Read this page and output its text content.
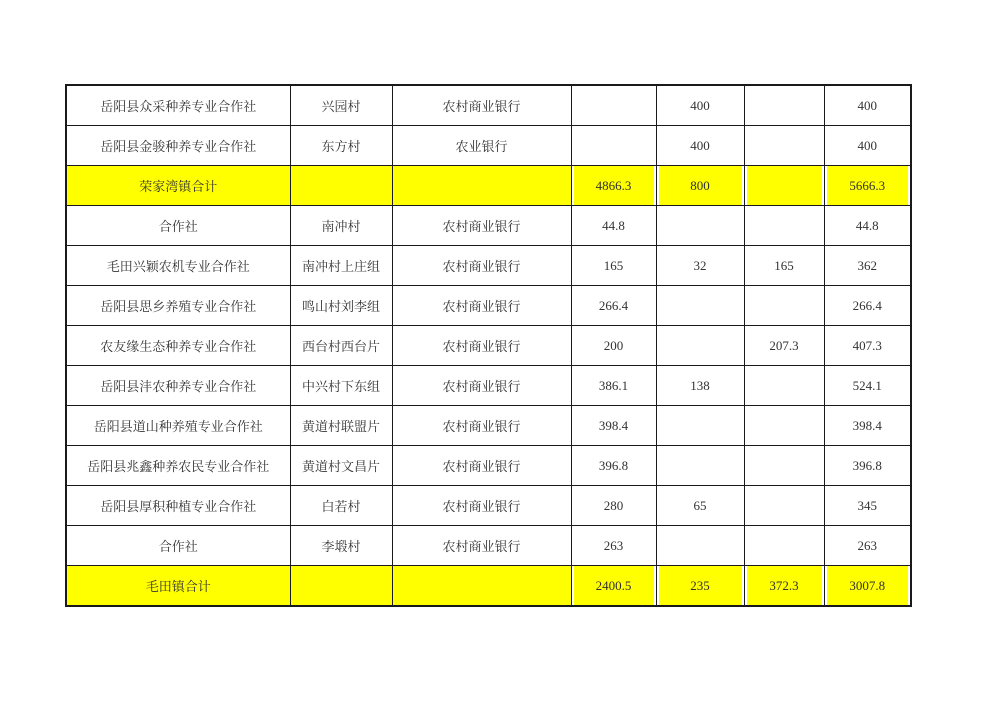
岳阳县众采种养专业合作社	兴园村	农村商业银行		400		400
岳阳县金骏种养专业合作社	东方村	农业银行		400		400
荣家湾镇合计			4866.3	800		5666.3
合作社	南冲村	农村商业银行	44.8			44.8
毛田兴颖农机专业合作社	南冲村上庄组	农村商业银行	165	32	165	362
岳阳县思乡养殖专业合作社	鸣山村刘李组	农村商业银行	266.4			266.4
农友缘生态种养专业合作社	西台村西台片	农村商业银行	200		207.3	407.3
岳阳县沣农种养专业合作社	中兴村下东组	农村商业银行	386.1	138		524.1
岳阳县道山种养殖专业合作社	黄道村联盟片	农村商业银行	398.4			398.4
岳阳县兆鑫种养农民专业合作社	黄道村文昌片	农村商业银行	396.8			396.8
岳阳县厚积种植专业合作社	白若村	农村商业银行	280	65		345
合作社	李塅村	农村商业银行	263			263
毛田镇合计			2400.5	235	372.3	3007.8
